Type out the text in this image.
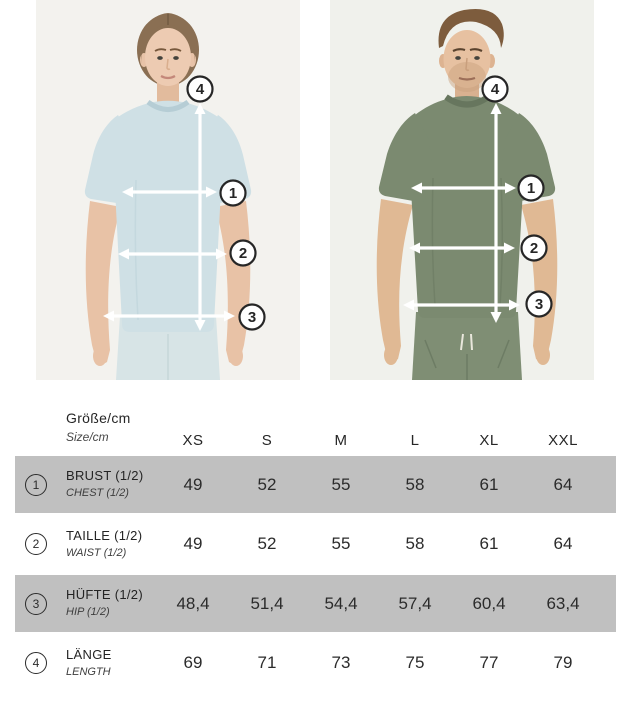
4
1
2
3
4
1
2
3
Größe/cm
Size/cm	XS	S	M	L	XL	XXL
1
BRUST (1/2)
CHEST (1/2)	49	52	55	58	61	64
2
TAILLE (1/2)
WAIST (1/2)	49	52	55	58	61	64
3
HÜFTE (1/2)
HIP (1/2)	48,4	51,4	54,4	57,4	60,4	63,4
4
LÄNGE
LENGTH	69	71	73	75	77	79
